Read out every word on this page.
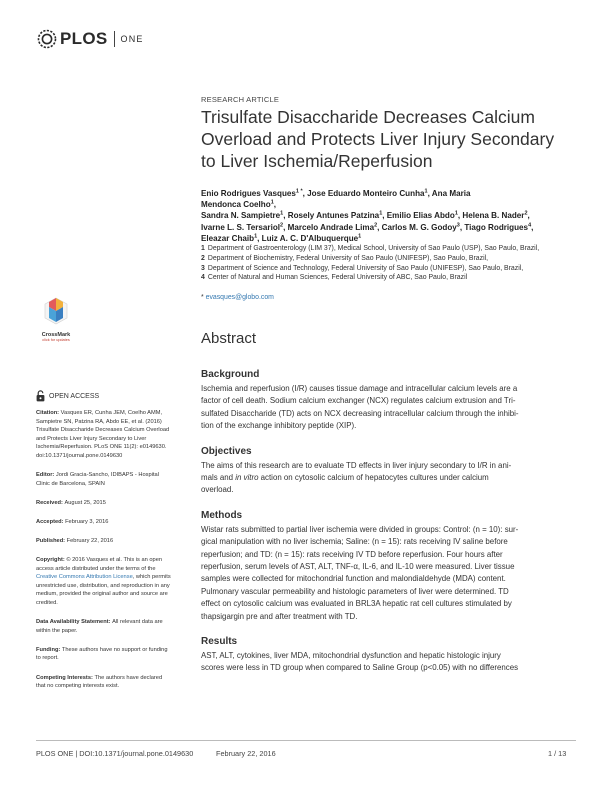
PLOS ONE
RESEARCH ARTICLE
Trisulfate Disaccharide Decreases Calcium Overload and Protects Liver Injury Secondary to Liver Ischemia/Reperfusion
Enio Rodrigues Vasques$^{1 *}$, Jose Eduardo Monteiro Cunha$^1$, Ana Maria
Mendonca Coelho$^1$,
Sandra N. Sampietre$^1$, Rosely Antunes Patzina$^1$, Emilio Elias Abdo$^1$, Helena B. Nader$^2$,
Ivarne L. S. Tersariol$^2$, Marcelo Andrade Lima$^2$, Carlos M. G. Godoy$^3$, Tiago Rodrigues$^4$,
Eleazar Chaib$^1$, Luiz A. C. D'Albuquerque$^1$
1 Department of Gastroenterology (LIM 37), Medical School, University of Sao Paulo (USP), Sao Paulo, Brazil,
2 Department of Biochemistry, Federal University of Sao Paulo (UNIFESP), Sao Paulo, Brazil,
3 Department of Science and Technology, Federal University of Sao Paulo (UNIFESP), Sao Paulo, Brazil,
4 Center of Natural and Human Sciences, Federal University of ABC, Sao Paulo, Brazil
* evasques@globo.com
Abstract
Background
Ischemia and reperfusion (I/R) causes tissue damage and intracellular calcium levels are a
factor of cell death. Sodium calcium exchanger (NCX) regulates calcium extrusion and Tri-
sulfated Disaccharide (TD) acts on NCX decreasing intracellular calcium through the inhibi-
tion of the exchange inhibitory peptide (XIP).
Objectives
The aims of this research are to evaluate TD effects in liver injury secondary to I/R in ani-
mals and in vitro action on cytosolic calcium of hepatocytes cultures under calcium
overload.
Methods
Wistar rats submitted to partial liver ischemia were divided in groups: Control: (n = 10): sur-
gical manipulation with no liver ischemia; Saline: (n = 15): rats receiving IV saline before
reperfusion; and TD: (n = 15): rats receiving IV TD before reperfusion. Four hours after
reperfusion, serum levels of AST, ALT, TNF-α, IL-6, and IL-10 were measured. Liver tissue
samples were collected for mitochondrial function and malondialdehyde (MDA) content.
Pulmonary vascular permeability and histologic parameters of liver were determined. TD
effect on cytosolic calcium was evaluated in BRL3A hepatic rat cell cultures stimulated by
thapsigargin pre and after treatment with TD.
Results
AST, ALT, cytokines, liver MDA, mitochondrial dysfunction and hepatic histologic injury
scores were less in TD group when compared to Saline Group (p<0.05) with no differences
CrossMark
click for updates
OPEN ACCESS
Citation: Vasques ER, Cunha JEM, Coelho AMM,
Sampietre SN, Patzina RA, Abdo EE, et al. (2016)
Trisulfate Disaccharide Decreases Calcium Overload
and Protects Liver Injury Secondary to Liver
Ischemia/Reperfusion. PLoS ONE 11(2): e0149630.
doi:10.1371/journal.pone.0149630
Editor: Jordi Gracia-Sancho, IDIBAPS - Hospital
Clinic de Barcelona, SPAIN
Received: August 25, 2015
Accepted: February 3, 2016
Published: February 22, 2016
Copyright: © 2016 Vasques et al. This is an open
access article distributed under the terms of the
Creative Commons Attribution License, which permits
unrestricted use, distribution, and reproduction in any
medium, provided the original author and source are
credited.
Data Availability Statement: All relevant data are
within the paper.
Funding: These authors have no support or funding
to report.
Competing Interests: The authors have declared
that no competing interests exist.
PLOS ONE | DOI:10.1371/journal.pone.0149630	February 22, 2016	1 / 13
